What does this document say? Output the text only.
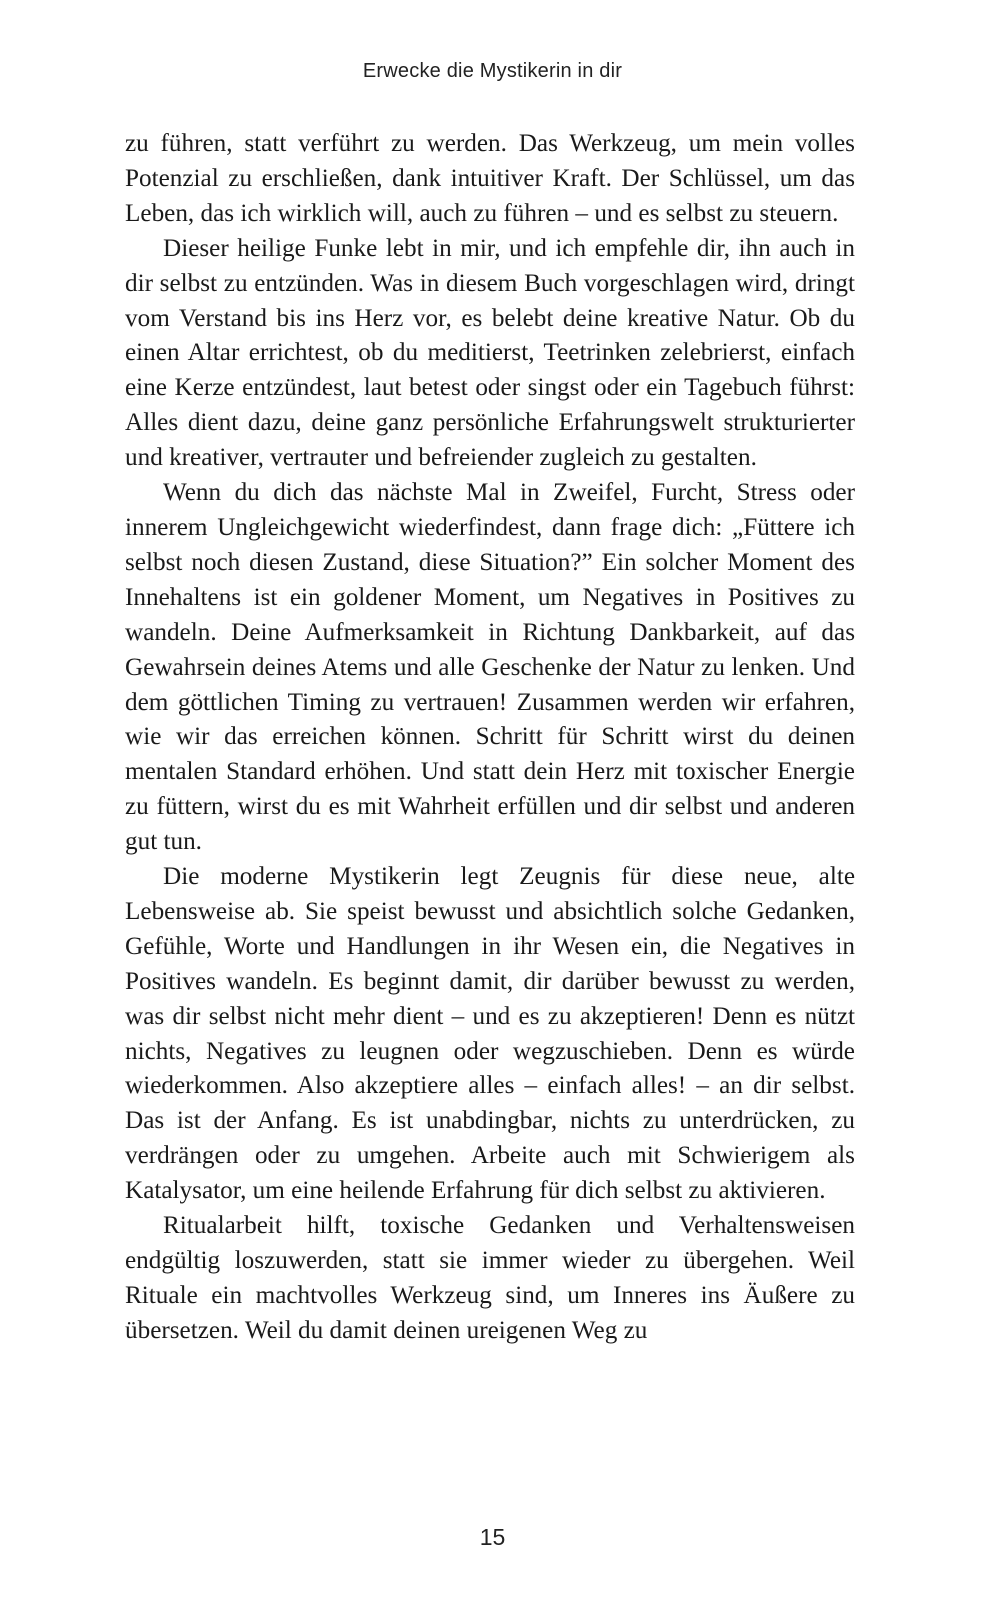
Erwecke die Mystikerin in dir

zu führen, statt verführt zu werden. Das Werkzeug, um mein volles Potenzial zu erschließen, dank intuitiver Kraft. Der Schlüssel, um das Leben, das ich wirklich will, auch zu führen – und es selbst zu steuern.

Dieser heilige Funke lebt in mir, und ich empfehle dir, ihn auch in dir selbst zu entzünden. Was in diesem Buch vorgeschlagen wird, dringt vom Verstand bis ins Herz vor, es belebt deine kreative Natur. Ob du einen Altar errichtest, ob du meditierst, Teetrinken zelebrierst, einfach eine Kerze entzündest, laut betest oder singst oder ein Tagebuch führst: Alles dient dazu, deine ganz persönliche Erfahrungswelt strukturierter und kreativer, vertrauter und befreiender zugleich zu gestalten.

Wenn du dich das nächste Mal in Zweifel, Furcht, Stress oder innerem Ungleichgewicht wiederfindest, dann frage dich: „Füttere ich selbst noch diesen Zustand, diese Situation?” Ein solcher Moment des Innehaltens ist ein goldener Moment, um Negatives in Positives zu wandeln. Deine Aufmerksamkeit in Richtung Dankbarkeit, auf das Gewahrsein deines Atems und alle Geschenke der Natur zu lenken. Und dem göttlichen Timing zu vertrauen! Zusammen werden wir erfahren, wie wir das erreichen können. Schritt für Schritt wirst du deinen mentalen Standard erhöhen. Und statt dein Herz mit toxischer Energie zu füttern, wirst du es mit Wahrheit erfüllen und dir selbst und anderen gut tun.

Die moderne Mystikerin legt Zeugnis für diese neue, alte Lebensweise ab. Sie speist bewusst und absichtlich solche Gedanken, Gefühle, Worte und Handlungen in ihr Wesen ein, die Negatives in Positives wandeln. Es beginnt damit, dir darüber bewusst zu werden, was dir selbst nicht mehr dient – und es zu akzeptieren! Denn es nützt nichts, Negatives zu leugnen oder wegzuschieben. Denn es würde wiederkommen. Also akzeptiere alles – einfach alles! – an dir selbst. Das ist der Anfang. Es ist unabdingbar, nichts zu unterdrücken, zu verdrängen oder zu umgehen. Arbeite auch mit Schwierigem als Katalysator, um eine heilende Erfahrung für dich selbst zu aktivieren.

Ritualarbeit hilft, toxische Gedanken und Verhaltensweisen endgültig loszuwerden, statt sie immer wieder zu übergehen. Weil Rituale ein machtvolles Werkzeug sind, um Inneres ins Äußere zu übersetzen. Weil du damit deinen ureigenen Weg zu

15
